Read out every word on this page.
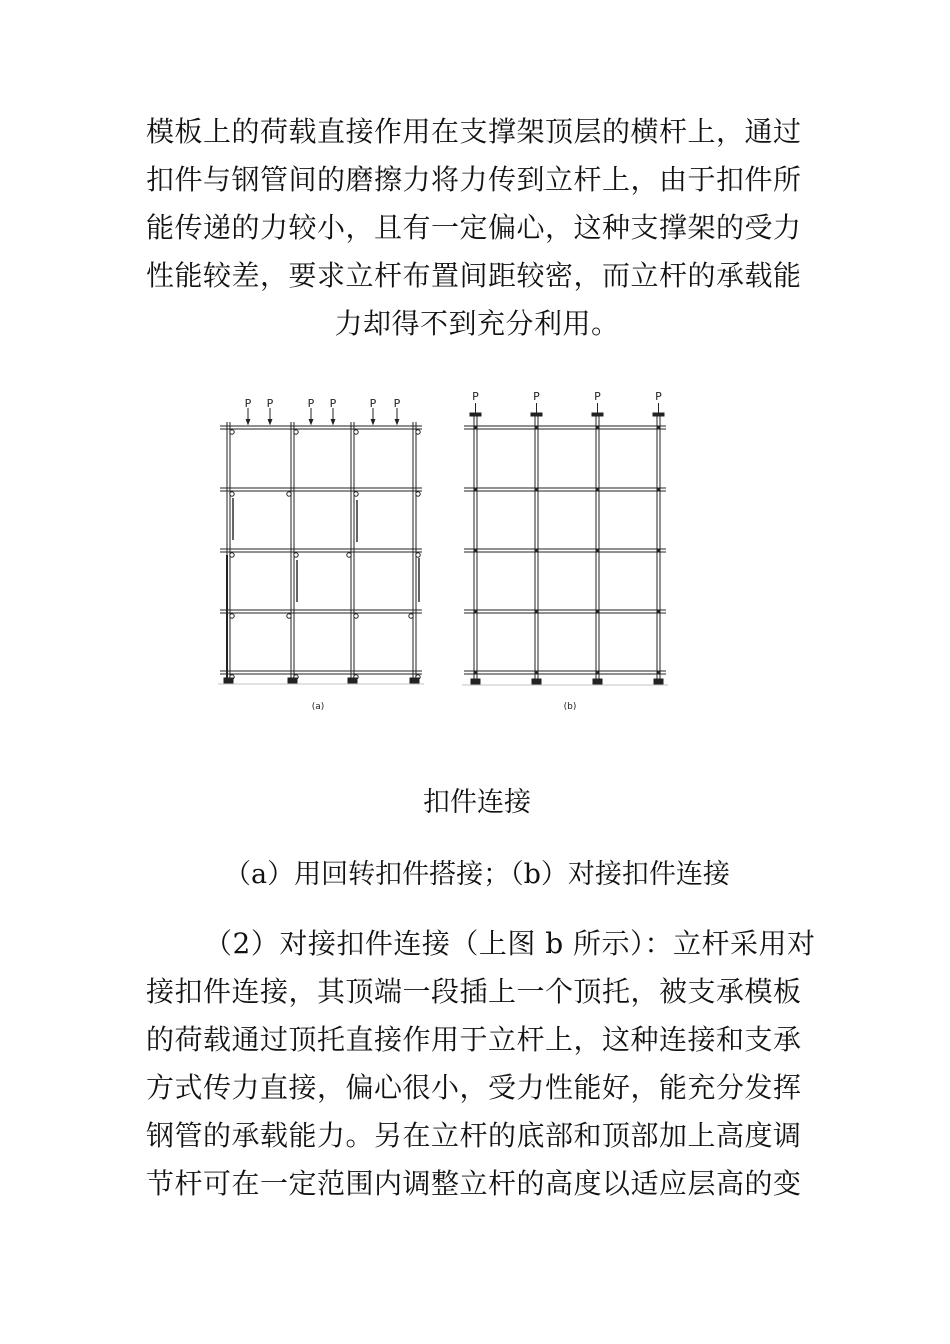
模板上的荷载直接作用在支撑架顶层的横杆上，通过
扣件与钢管间的磨擦力将力传到立杆上，由于扣件所
能传递的力较小，且有一定偏心，这种支撑架的受力
性能较差，要求立杆布置间距较密，而立杆的承载能
力却得不到充分利用。
P P	P P	P P
P	P	P	P
(a)	(b)

扣件连接

（a）用回转扣件搭接；（b）对接扣件连接

（2）对接扣件连接（上图 b 所示）：立杆采用对
接扣件连接，其顶端一段插上一个顶托，被支承模板
的荷载通过顶托直接作用于立杆上，这种连接和支承
方式传力直接，偏心很小，受力性能好，能充分发挥
钢管的承载能力。另在立杆的底部和顶部加上高度调
节杆可在一定范围内调整立杆的高度以适应层高的变
